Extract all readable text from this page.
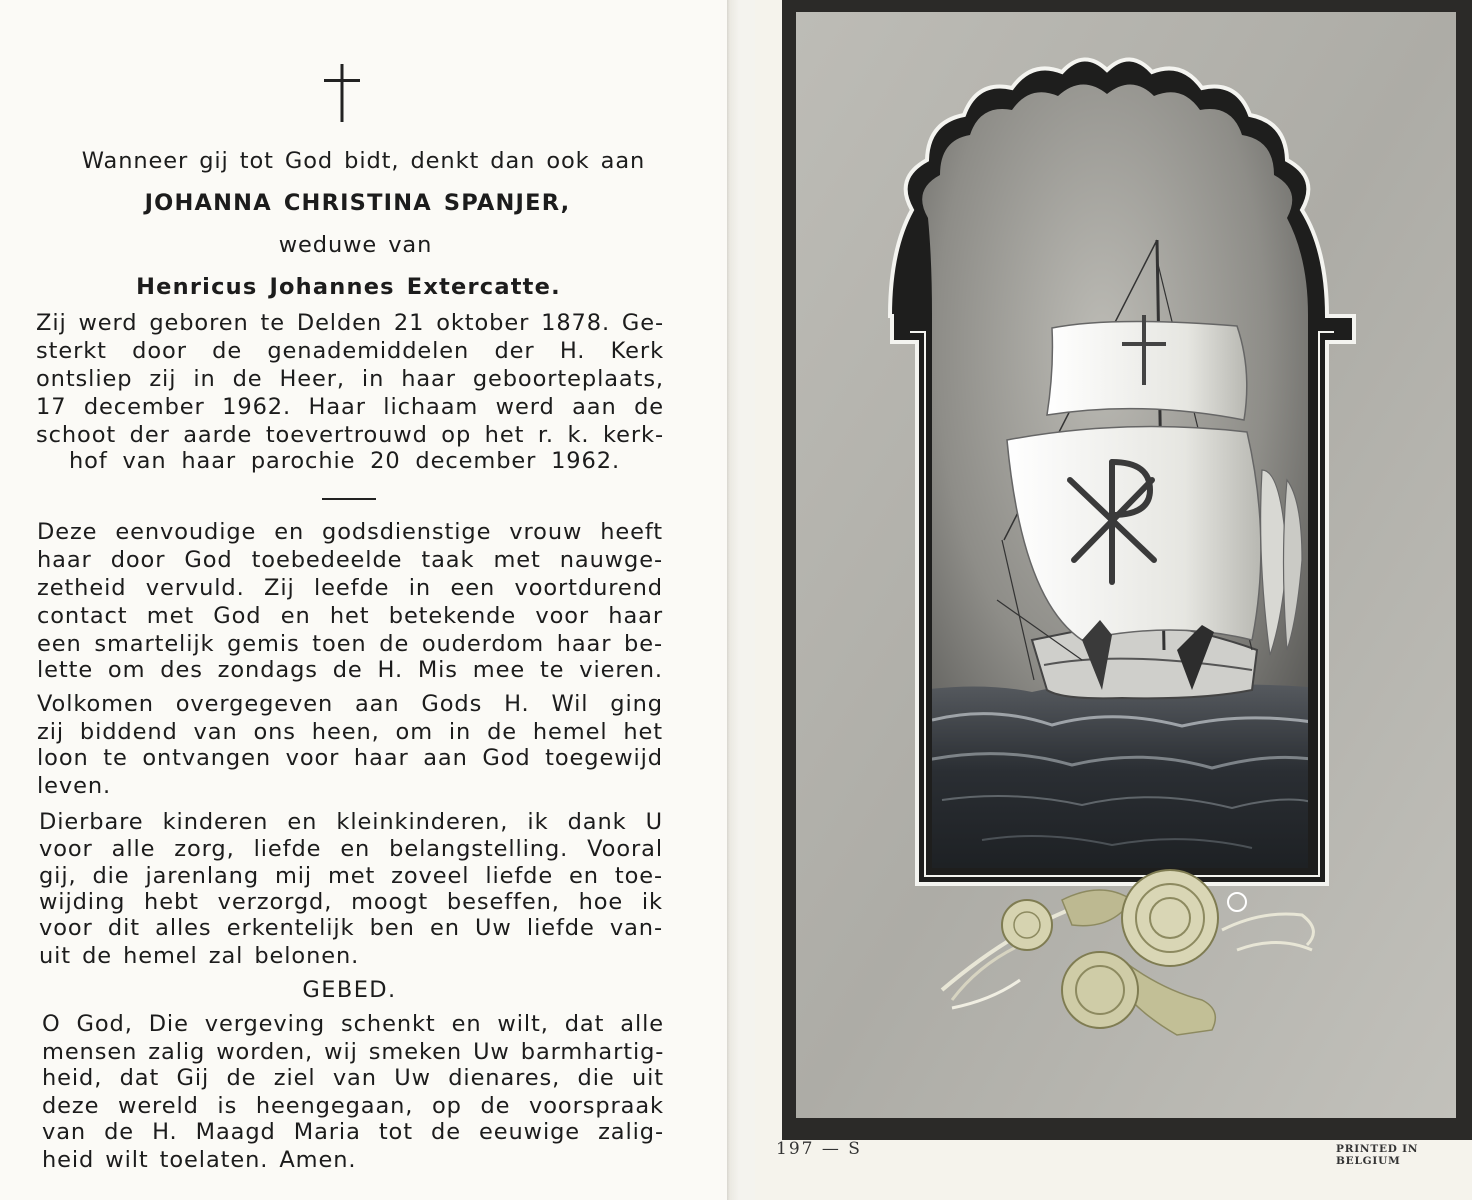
Wanneer gij tot God bidt, denkt dan ook aan

JOHANNA CHRISTINA SPANJER,

weduwe van

Henricus Johannes Extercatte.

Zij werd geboren te Delden 21 oktober 1878. Ge-

sterkt door de genademiddelen der H. Kerk

ontsliep zij in de Heer, in haar geboorteplaats,

17 december 1962. Haar lichaam werd aan de

schoot der aarde toevertrouwd op het r. k. kerk-

hof van haar parochie 20 december 1962.

Deze eenvoudige en godsdienstige vrouw heeft

haar door God toebedeelde taak met nauwge-

zetheid vervuld. Zij leefde in een voortdurend

contact met God en het betekende voor haar

een smartelijk gemis toen de ouderdom haar be-

lette om des zondags de H. Mis mee te vieren.

Volkomen overgegeven aan Gods H. Wil ging

zij biddend van ons heen, om in de hemel het

loon te ontvangen voor haar aan God toegewijd

leven.

Dierbare kinderen en kleinkinderen, ik dank U

voor alle zorg, liefde en belangstelling. Vooral

gij, die jarenlang mij met zoveel liefde en toe-

wijding hebt verzorgd, moogt beseffen, hoe ik

voor dit alles erkentelijk ben en Uw liefde van-

uit de hemel zal belonen.

GEBED.

O God, Die vergeving schenkt en wilt, dat alle

mensen zalig worden, wij smeken Uw barmhartig-

heid, dat Gij de ziel van Uw dienares, die uit

deze wereld is heengegaan, op de voorspraak

van de H. Maagd Maria tot de eeuwige zalig-

heid wilt toelaten. Amen.	197 — S	PRINTED IN BELGIUM
